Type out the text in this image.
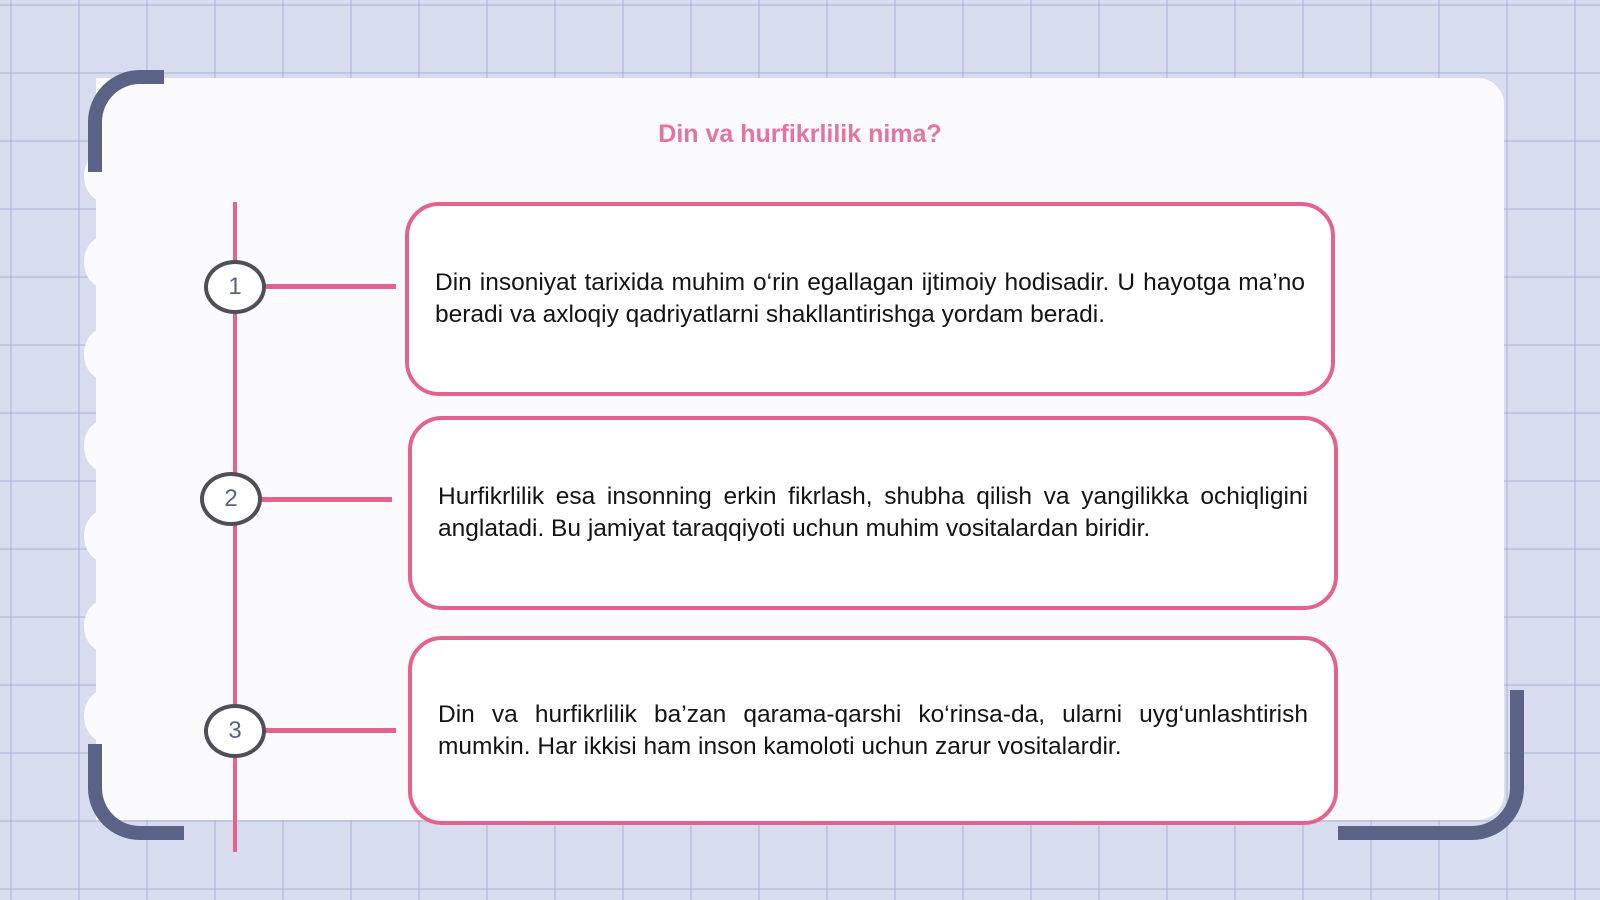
Din va hurfikrlilik nima?
1
2
3
Din insoniyat tarixida muhim o‘rin egallagan ijtimoiy hodisadir. U hayotga ma’no beradi va axloqiy qadriyatlarni shakllantirishga yordam beradi.
Hurfikrlilik esa insonning erkin fikrlash, shubha qilish va yangilikka ochiqligini anglatadi. Bu jamiyat taraqqiyoti uchun muhim vositalardan biridir.
Din va hurfikrlilik ba’zan qarama-qarshi ko‘rinsa-da, ularni uyg‘unlashtirish mumkin. Har ikkisi ham inson kamoloti uchun zarur vositalardir.
